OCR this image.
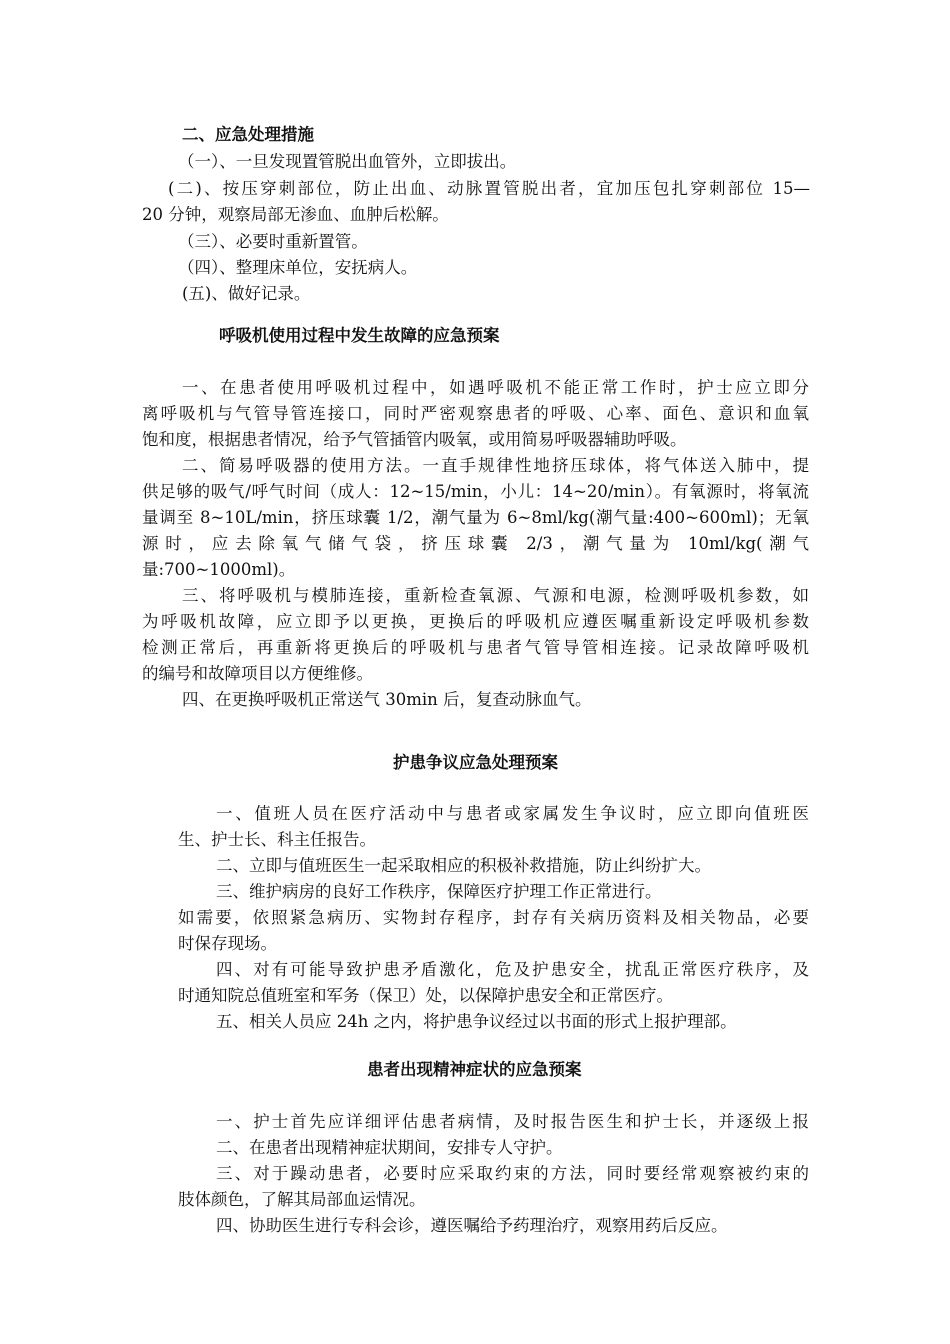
二、应急处理措施
（一）、一旦发现置管脱出血管外，立即拔出。
(二)、按压穿刺部位，防止出血、动脉置管脱出者，宜加压包扎穿刺部位 15—
20 分钟，观察局部无渗血、血肿后松解。
（三）、必要时重新置管。
（四）、整理床单位，安抚病人。
(五)、做好记录。
呼吸机使用过程中发生故障的应急预案
一、在患者使用呼吸机过程中，如遇呼吸机不能正常工作时，护士应立即分
离呼吸机与气管导管连接口，同时严密观察患者的呼吸、心率、面色、意识和血氧
饱和度，根据患者情况，给予气管插管内吸氧，或用简易呼吸器辅助呼吸。
二、简易呼吸器的使用方法。一直手规律性地挤压球体，将气体送入肺中，提
供足够的吸气/呼气时间（成人：12~15/min，小儿：14~20/min）。有氧源时，将氧流
量调至 8~10L/min，挤压球囊 1/2，潮气量为 6~8ml/kg(潮气量:400~600ml)；无氧
源时，应去除氧气储气袋，挤压球囊 2/3，潮气量为 10ml/kg(潮气
量:700~1000ml)。
三、将呼吸机与模肺连接，重新检查氧源、气源和电源，检测呼吸机参数，如
为呼吸机故障，应立即予以更换，更换后的呼吸机应遵医嘱重新设定呼吸机参数
检测正常后，再重新将更换后的呼吸机与患者气管导管相连接。记录故障呼吸机
的编号和故障项目以方便维修。
四、在更换呼吸机正常送气 30min 后，复查动脉血气。
护患争议应急处理预案
一、值班人员在医疗活动中与患者或家属发生争议时，应立即向值班医
生、护士长、科主任报告。
二、立即与值班医生一起采取相应的积极补救措施，防止纠纷扩大。
三、维护病房的良好工作秩序，保障医疗护理工作正常进行。
如需要，依照紧急病历、实物封存程序，封存有关病历资料及相关物品，必要
时保存现场。
四、对有可能导致护患矛盾激化，危及护患安全，扰乱正常医疗秩序，及
时通知院总值班室和军务（保卫）处，以保障护患安全和正常医疗。
五、相关人员应 24h 之内，将护患争议经过以书面的形式上报护理部。
患者出现精神症状的应急预案
一、护士首先应详细评估患者病情，及时报告医生和护士长，并逐级上报
二、在患者出现精神症状期间，安排专人守护。
三、对于躁动患者，必要时应采取约束的方法，同时要经常观察被约束的
肢体颜色，了解其局部血运情况。
四、协助医生进行专科会诊，遵医嘱给予药理治疗，观察用药后反应。
